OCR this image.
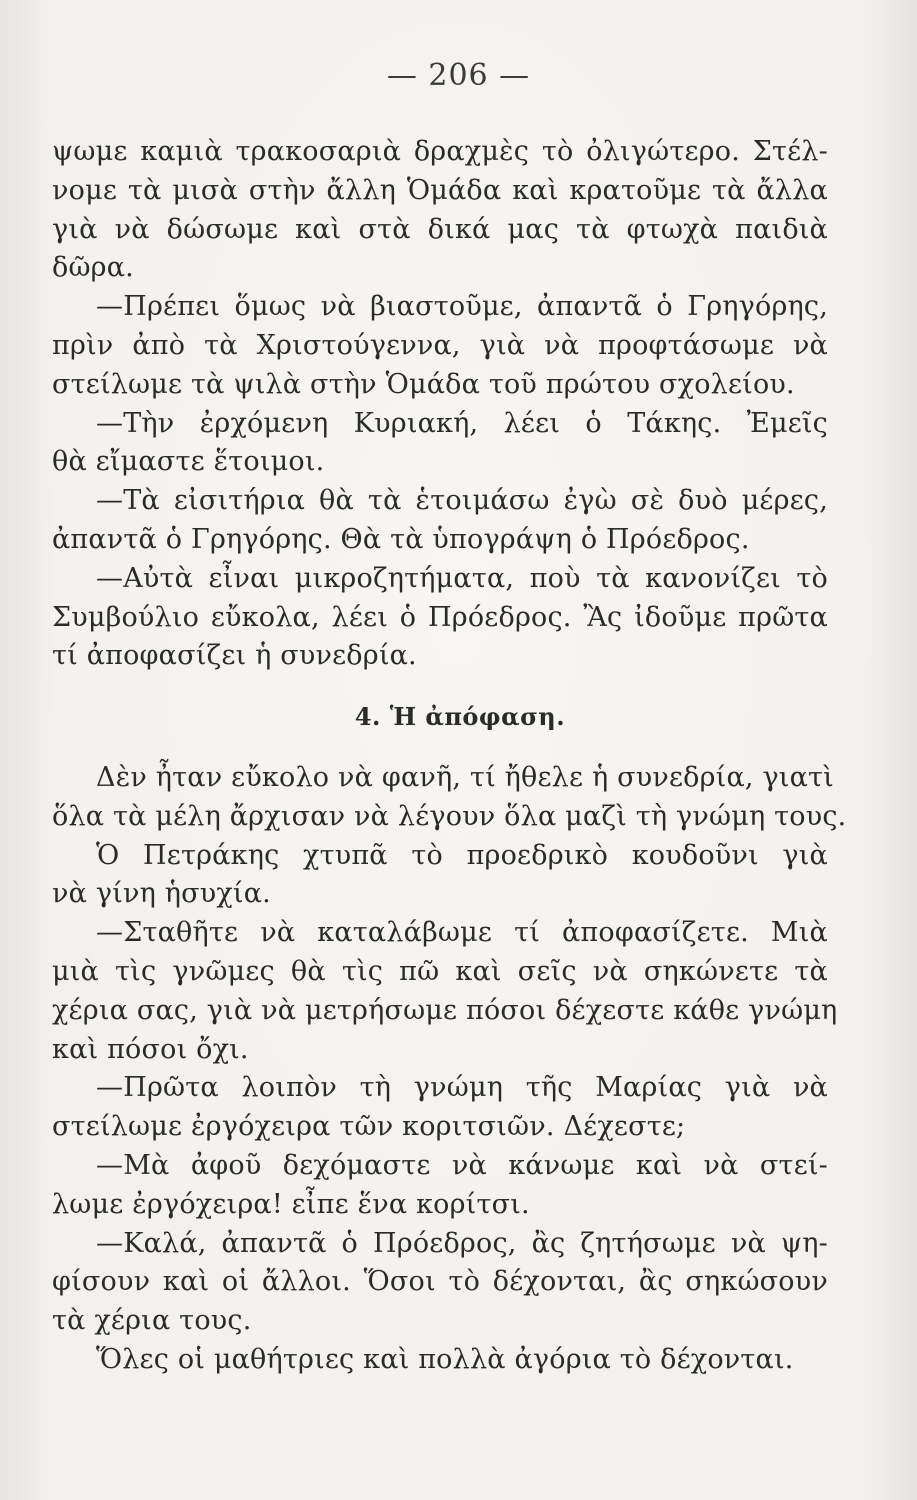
— 206 —
ψωμε καμιὰ τρακοσαριὰ δραχμὲς τὸ ὀλιγώτερο. Στέλ-
νομε τὰ μισὰ στὴν ἄλλη Ὁμάδα καὶ κρατοῦμε τὰ ἄλλα
γιὰ νὰ δώσωμε καὶ στὰ δικά μας τὰ φτωχὰ παιδιὰ
δῶρα.
—Πρέπει ὅμως νὰ βιαστοῦμε, ἀπαντᾶ ὁ Γρηγόρης,
πρὶν ἀπὸ τὰ Χριστούγεννα, γιὰ νὰ προφτάσωμε νὰ
στείλωμε τὰ ψιλὰ στὴν Ὁμάδα τοῦ πρώτου σχολείου.
—Τὴν ἐρχόμενη Κυριακή, λέει ὁ Τάκης. Ἐμεῖς
θὰ εἴμαστε ἕτοιμοι.
—Τὰ εἰσιτήρια θὰ τὰ ἑτοιμάσω ἐγὼ σὲ δυὸ μέρες,
ἀπαντᾶ ὁ Γρηγόρης. Θὰ τὰ ὑπογράψη ὁ Πρόεδρος.
—Αὐτὰ εἶναι μικροζητήματα, ποὺ τὰ κανονίζει τὸ
Συμβούλιο εὔκολα, λέει ὁ Πρόεδρος. Ἂς ἰδοῦμε πρῶτα
τί ἀποφασίζει ἡ συνεδρία.
4. Ἡ ἀπόφαση.
Δὲν ἦταν εὔκολο νὰ φανῆ, τί ἤθελε ἡ συνεδρία, γιατὶ
ὅλα τὰ μέλη ἄρχισαν νὰ λέγουν ὅλα μαζὶ τὴ γνώμη τους.
Ὁ Πετράκης χτυπᾶ τὸ προεδρικὸ κουδοῦνι γιὰ
νὰ γίνη ἡσυχία.
—Σταθῆτε νὰ καταλάβωμε τί ἀποφασίζετε. Μιὰ
μιὰ τὶς γνῶμες θὰ τὶς πῶ καὶ σεῖς νὰ σηκώνετε τὰ
χέρια σας, γιὰ νὰ μετρήσωμε πόσοι δέχεστε κάθε γνώμη
καὶ πόσοι ὄχι.
—Πρῶτα λοιπὸν τὴ γνώμη τῆς Μαρίας γιὰ νὰ
στείλωμε ἐργόχειρα τῶν κοριτσιῶν. Δέχεστε;
—Μὰ ἀφοῦ δεχόμαστε νὰ κάνωμε καὶ νὰ στεί-
λωμε ἐργόχειρα! εἶπε ἕνα κορίτσι.
—Καλά, ἀπαντᾶ ὁ Πρόεδρος, ἂς ζητήσωμε νὰ ψη-
φίσουν καὶ οἱ ἄλλοι. Ὅσοι τὸ δέχονται, ἂς σηκώσουν
τὰ χέρια τους.
Ὅλες οἱ μαθήτριες καὶ πολλὰ ἀγόρια τὸ δέχονται.
